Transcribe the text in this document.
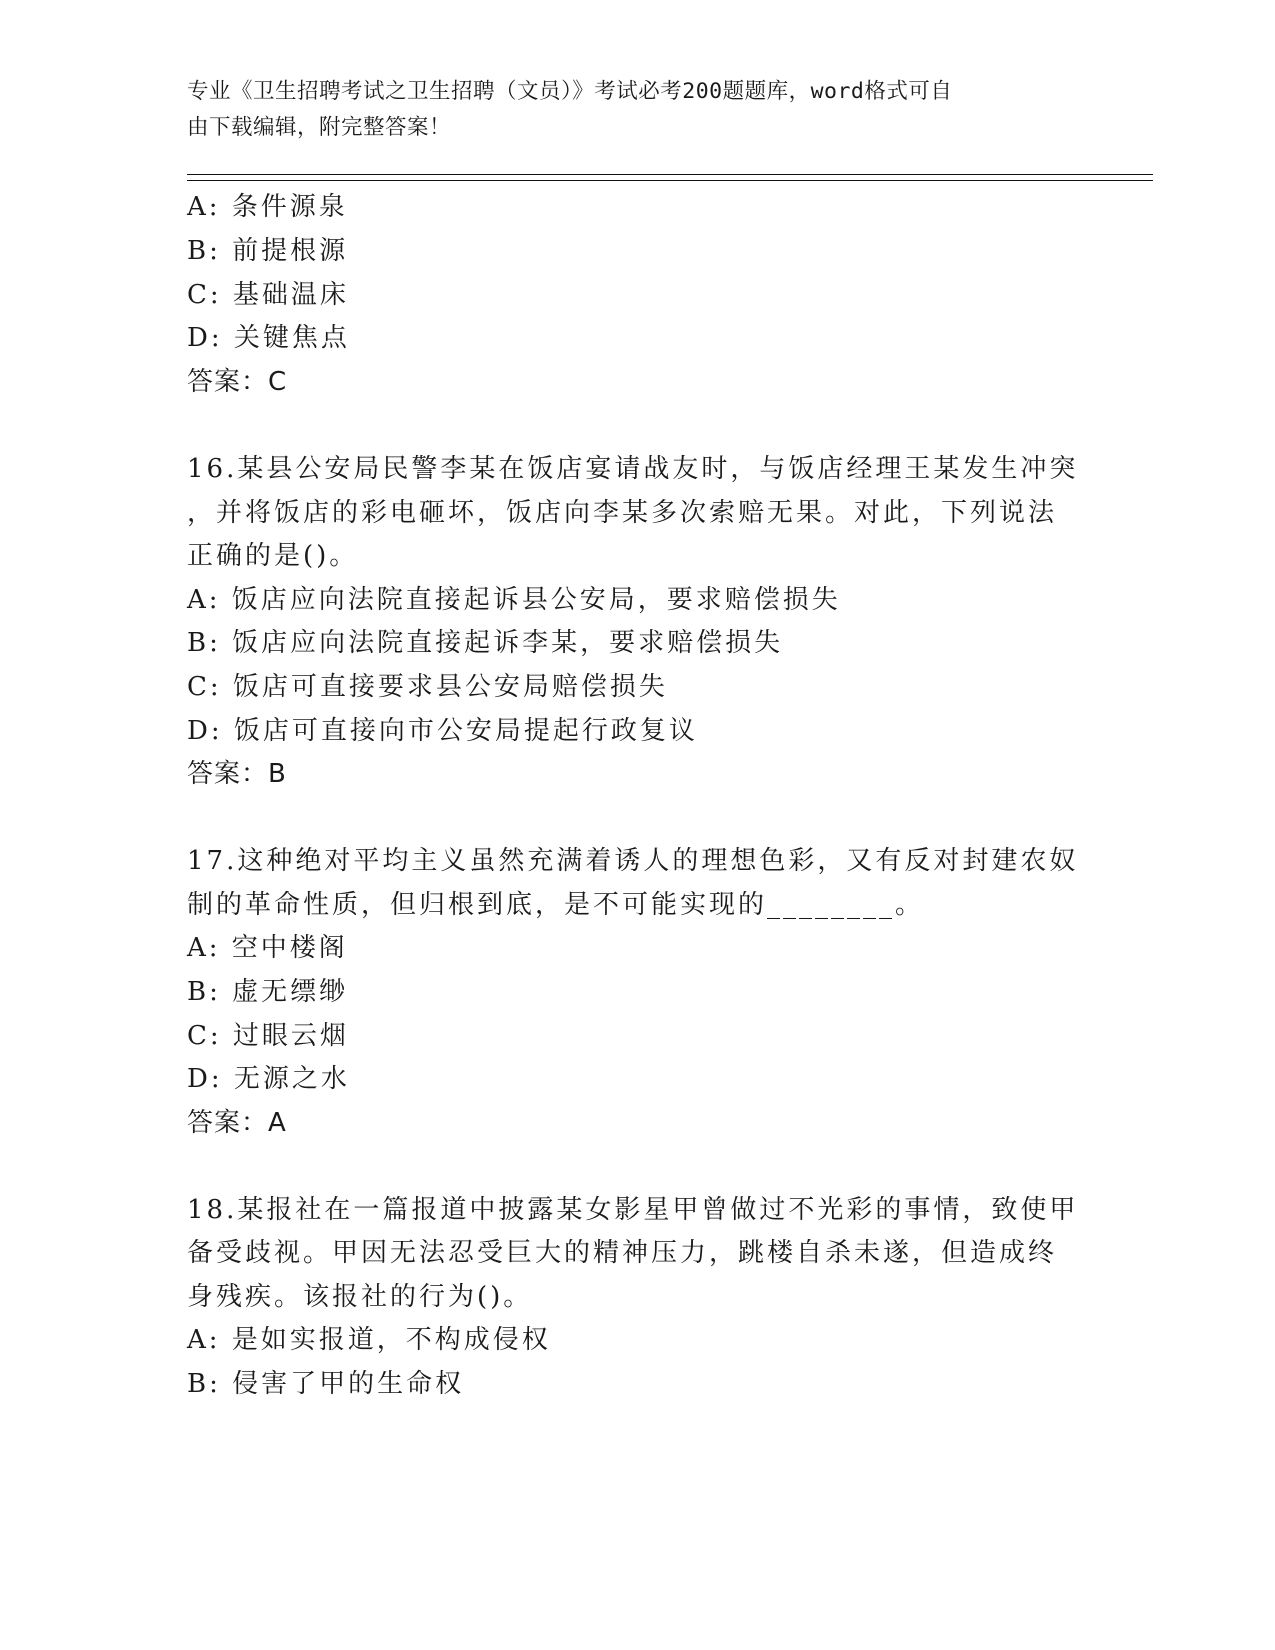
专业《卫生招聘考试之卫生招聘（文员）》考试必考200题题库，word格式可自
由下载编辑，附完整答案！
A: 条件源泉
B: 前提根源
C: 基础温床
D: 关键焦点
答案：C
16.某县公安局民警李某在饭店宴请战友时，与饭店经理王某发生冲突
，并将饭店的彩电砸坏，饭店向李某多次索赔无果。对此，下列说法
正确的是()。
A: 饭店应向法院直接起诉县公安局，要求赔偿损失
B: 饭店应向法院直接起诉李某，要求赔偿损失
C: 饭店可直接要求县公安局赔偿损失
D: 饭店可直接向市公安局提起行政复议
答案：B
17.这种绝对平均主义虽然充满着诱人的理想色彩，又有反对封建农奴
制的革命性质，但归根到底，是不可能实现的________。
A: 空中楼阁
B: 虚无缥缈
C: 过眼云烟
D: 无源之水
答案：A
18.某报社在一篇报道中披露某女影星甲曾做过不光彩的事情，致使甲
备受歧视。甲因无法忍受巨大的精神压力，跳楼自杀未遂，但造成终
身残疾。该报社的行为()。
A: 是如实报道，不构成侵权
B: 侵害了甲的生命权
